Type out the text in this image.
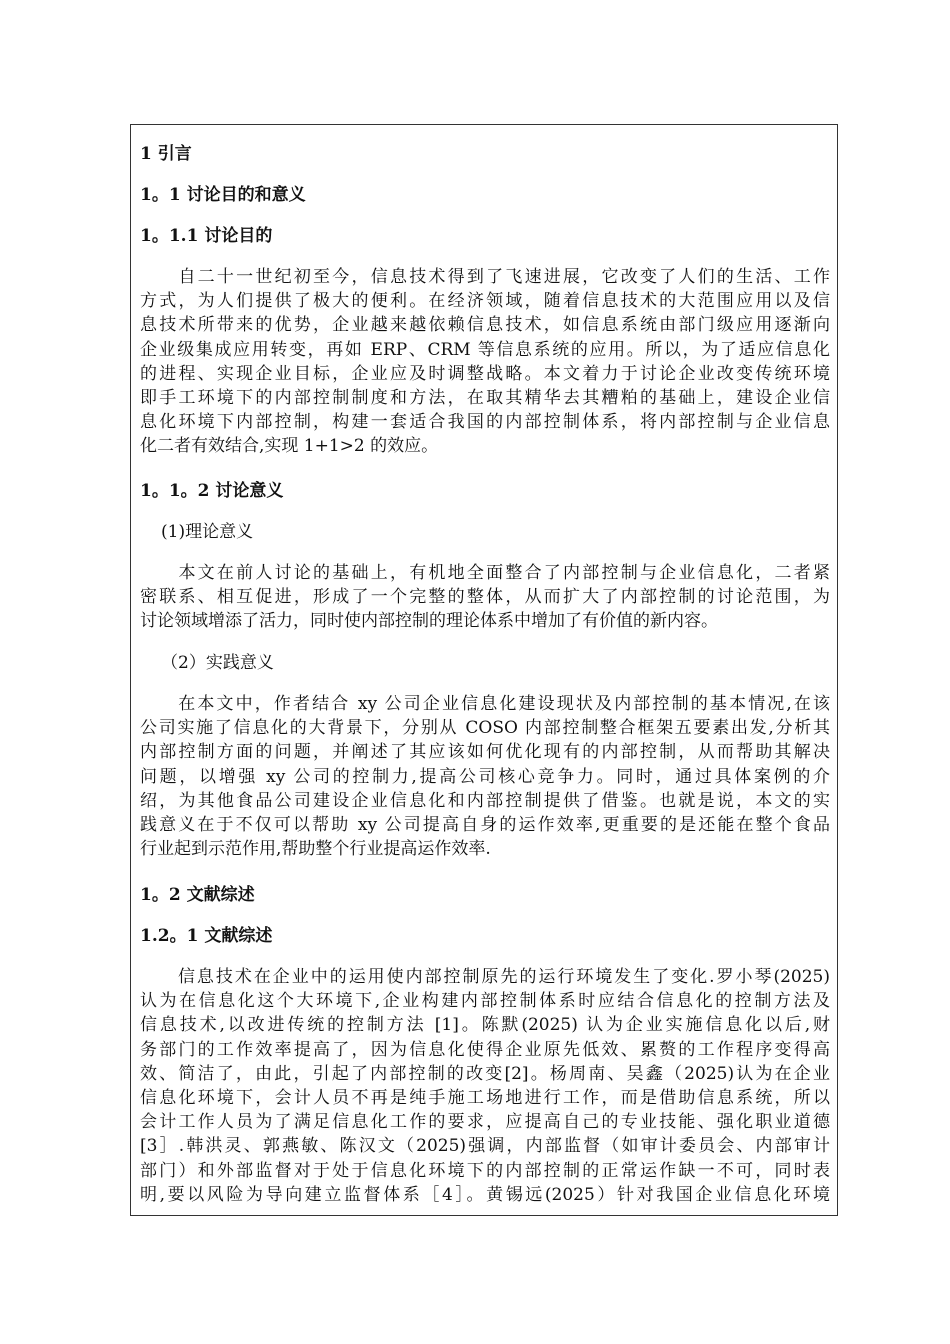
1 引言
1。1 讨论目的和意义
1。1.1 讨论目的
　　自二十一世纪初至今，信息技术得到了飞速进展，它改变了人们的生活、工作
方式，为人们提供了极大的便利。在经济领域，随着信息技术的大范围应用以及信
息技术所带来的优势，企业越来越依赖信息技术，如信息系统由部门级应用逐渐向
企业级集成应用转变，再如 ERP、CRM 等信息系统的应用。所以，为了适应信息化
的进程、实现企业目标，企业应及时调整战略。本文着力于讨论企业改变传统环境
即手工环境下的内部控制制度和方法，在取其精华去其糟粕的基础上，建设企业信
息化环境下内部控制，构建一套适合我国的内部控制体系，将内部控制与企业信息
化二者有效结合,实现 1+1>2 的效应。
1。1。2 讨论意义
(1)理论意义
　　本文在前人讨论的基础上，有机地全面整合了内部控制与企业信息化，二者紧
密联系、相互促进，形成了一个完整的整体，从而扩大了内部控制的讨论范围，为
讨论领域增添了活力，同时使内部控制的理论体系中增加了有价值的新内容。
（2）实践意义
　　在本文中，作者结合 xy 公司企业信息化建设现状及内部控制的基本情况,在该
公司实施了信息化的大背景下，分别从 COSO 内部控制整合框架五要素出发,分析其
内部控制方面的问题，并阐述了其应该如何优化现有的内部控制，从而帮助其解决
问题，以增强 xy 公司的控制力,提高公司核心竞争力。同时，通过具体案例的介
绍，为其他食品公司建设企业信息化和内部控制提供了借鉴。也就是说，本文的实
践意义在于不仅可以帮助 xy 公司提高自身的运作效率,更重要的是还能在整个食品
行业起到示范作用,帮助整个行业提高运作效率.
1。2 文献综述
1.2。1 文献综述
　　信息技术在企业中的运用使内部控制原先的运行环境发生了变化.罗小琴(2025)
认为在信息化这个大环境下,企业构建内部控制体系时应结合信息化的控制方法及
信息技术,以改进传统的控制方法 [1]。陈默(2025) 认为企业实施信息化以后,财
务部门的工作效率提高了，因为信息化使得企业原先低效、累赘的工作程序变得高
效、简洁了，由此，引起了内部控制的改变[2]。杨周南、吴鑫（2025)认为在企业
信息化环境下，会计人员不再是纯手施工场地进行工作，而是借助信息系统，所以
会计工作人员为了满足信息化工作的要求，应提高自己的专业技能、强化职业道德
[3］.韩洪灵、郭燕敏、陈汉文（2025)强调，内部监督（如审计委员会、内部审计
部门）和外部监督对于处于信息化环境下的内部控制的正常运作缺一不可，同时表
明,要以风险为导向建立监督体系［4］。黄锡远(2025）针对我国企业信息化环境
